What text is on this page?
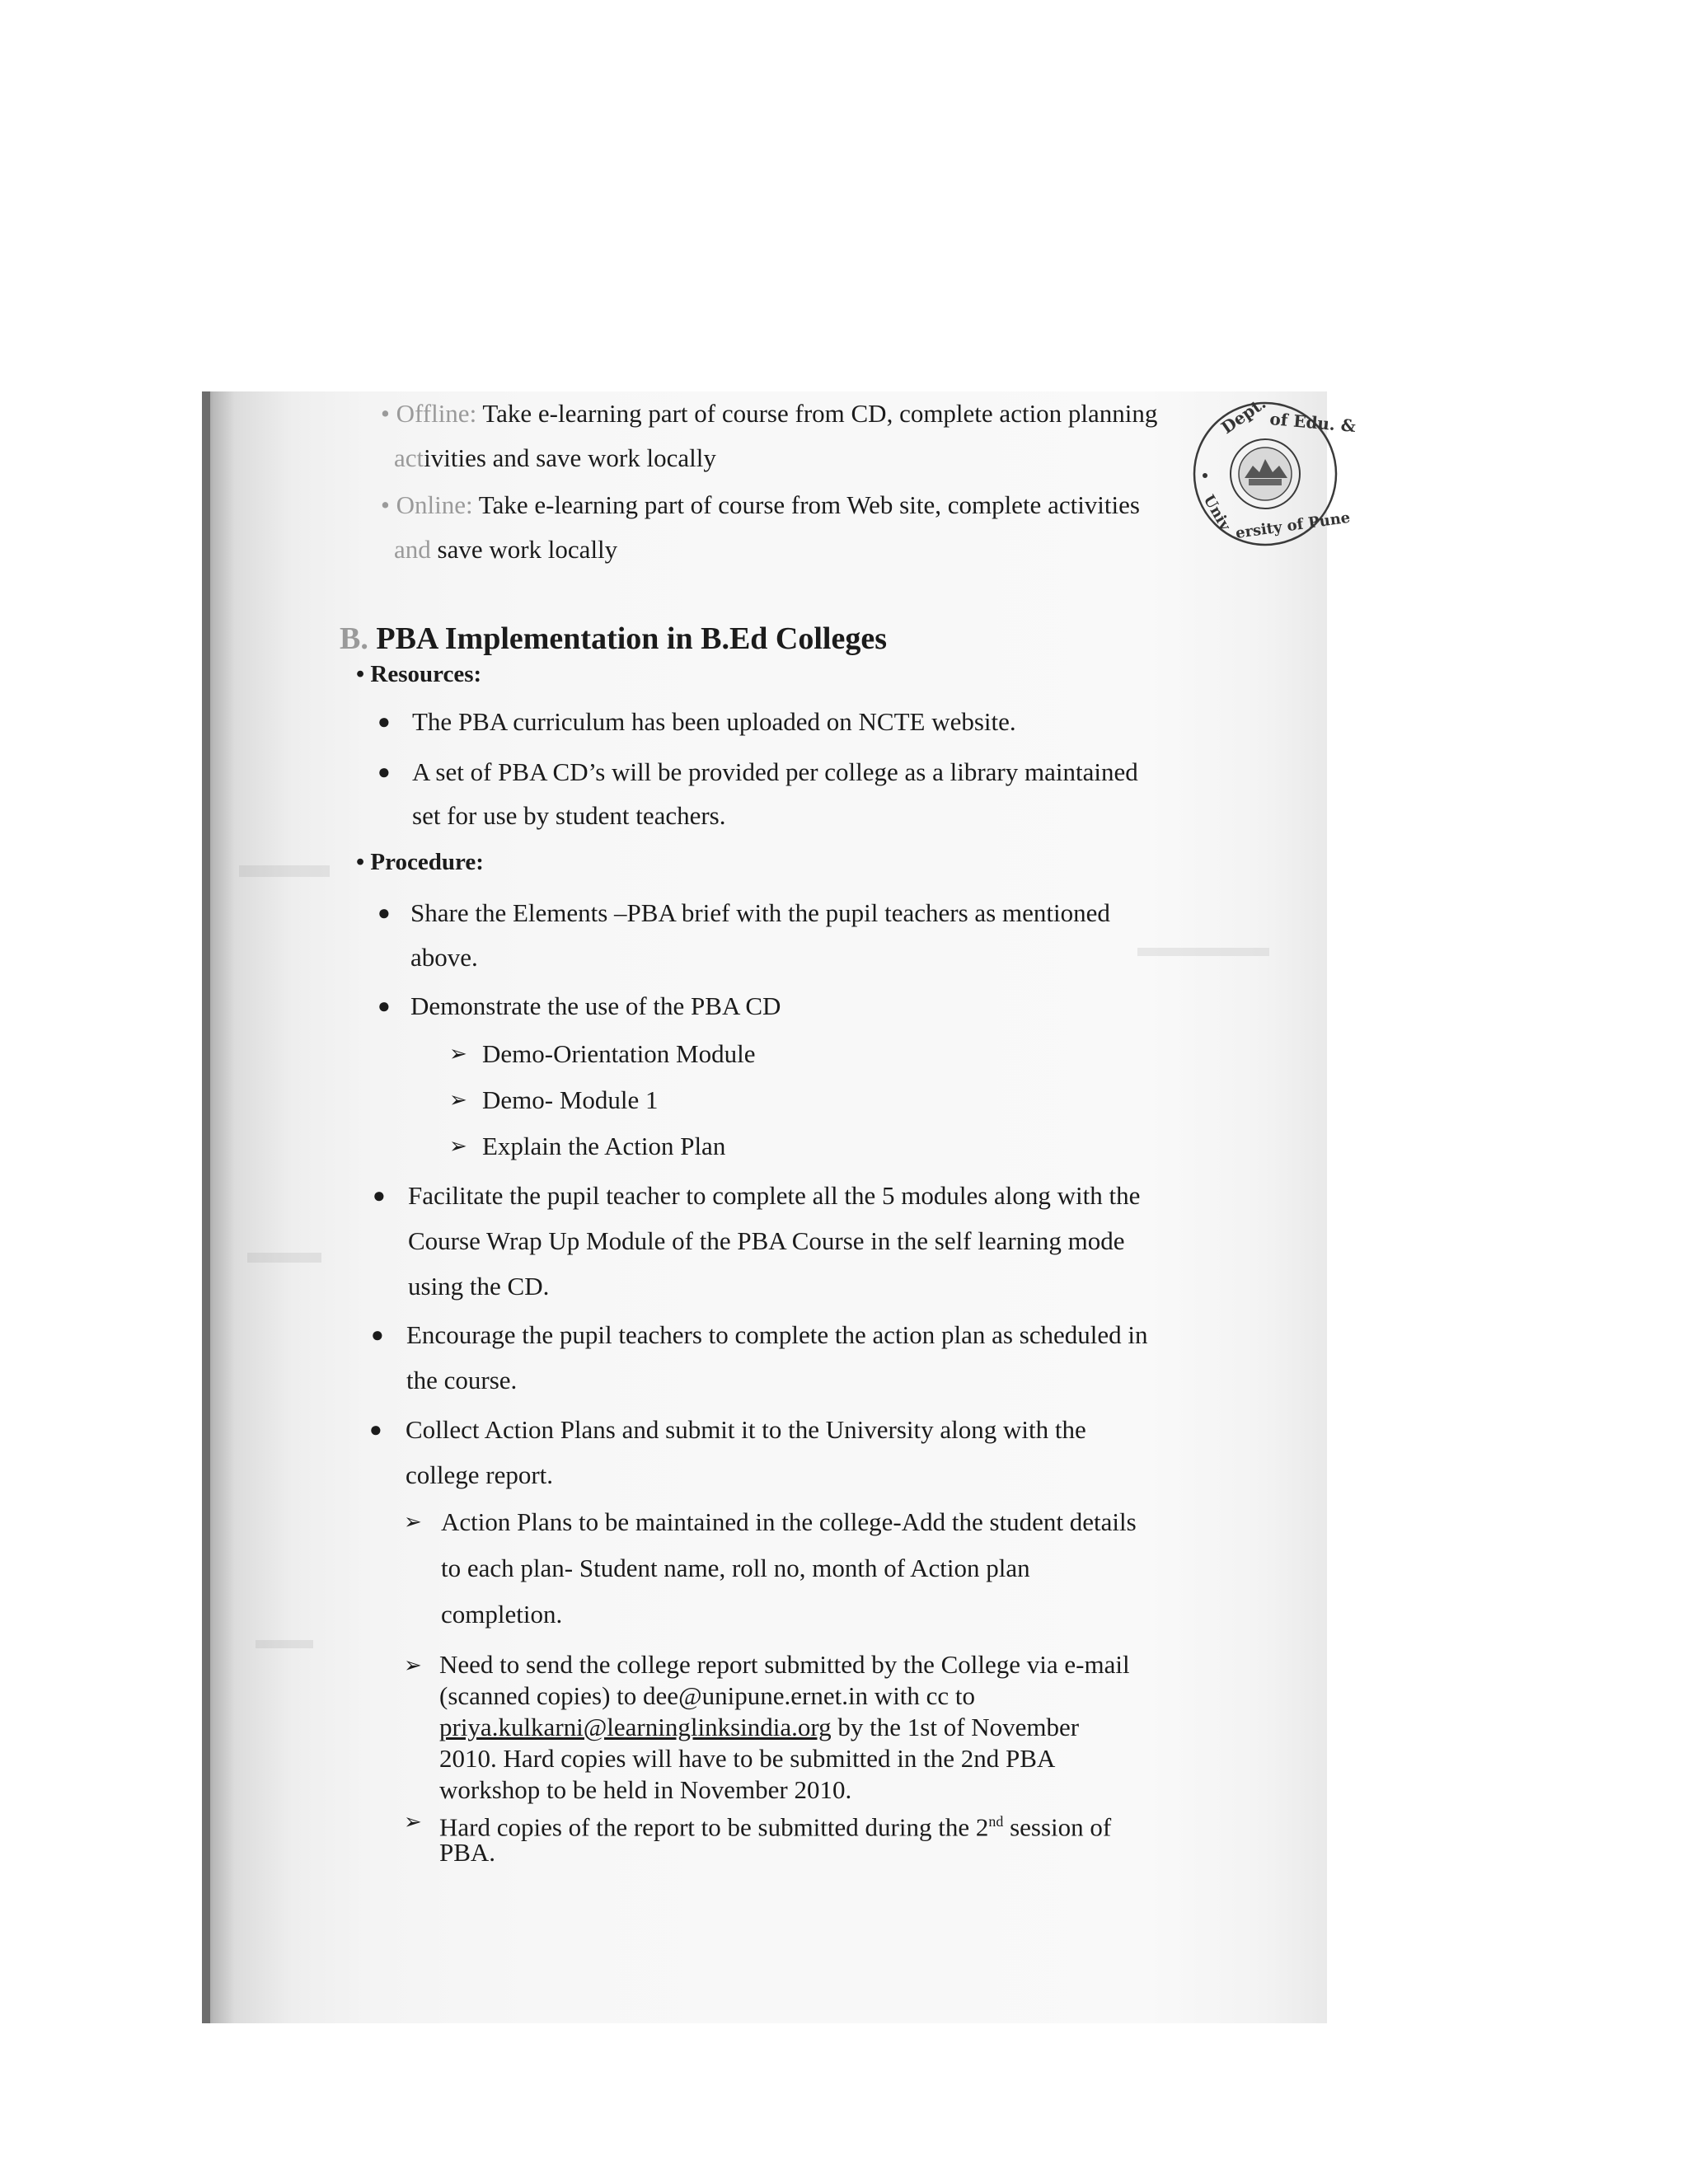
• Offline: Take e-learning part of course from CD, complete action planning
activities and save work locally
• Online: Take e-learning part of course from Web site, complete activities
and save work locally
Dept. of Edu. &
Univ ersity of Pune
B. PBA Implementation in B.Ed Colleges
• Resources:
● The PBA curriculum has been uploaded on NCTE website.
● A set of PBA CD’s will be provided per college as a library maintained
set for use by student teachers.
• Procedure:
● Share the Elements –PBA brief with the pupil teachers as mentioned
above.
● Demonstrate the use of the PBA CD
➢ Demo-Orientation Module
➢ Demo- Module 1
➢ Explain the Action Plan
● Facilitate the pupil teacher to complete all the 5 modules along with the
Course Wrap Up Module of the PBA Course in the self learning mode
using the CD.
● Encourage the pupil teachers to complete the action plan as scheduled in
the course.
● Collect Action Plans and submit it to the University along with the
college report.
➢ Action Plans to be maintained in the college-Add the student details
to each plan- Student name, roll no, month of Action plan
completion.
➢ Need to send the college report submitted by the College via e-mail
(scanned copies) to dee@unipune.ernet.in with cc to
priya.kulkarni@learninglinksindia.org by the 1st of November
2010. Hard copies will have to be submitted in the 2nd PBA
workshop to be held in November 2010.
➢ Hard copies of the report to be submitted during the 2nd session of
PBA.
